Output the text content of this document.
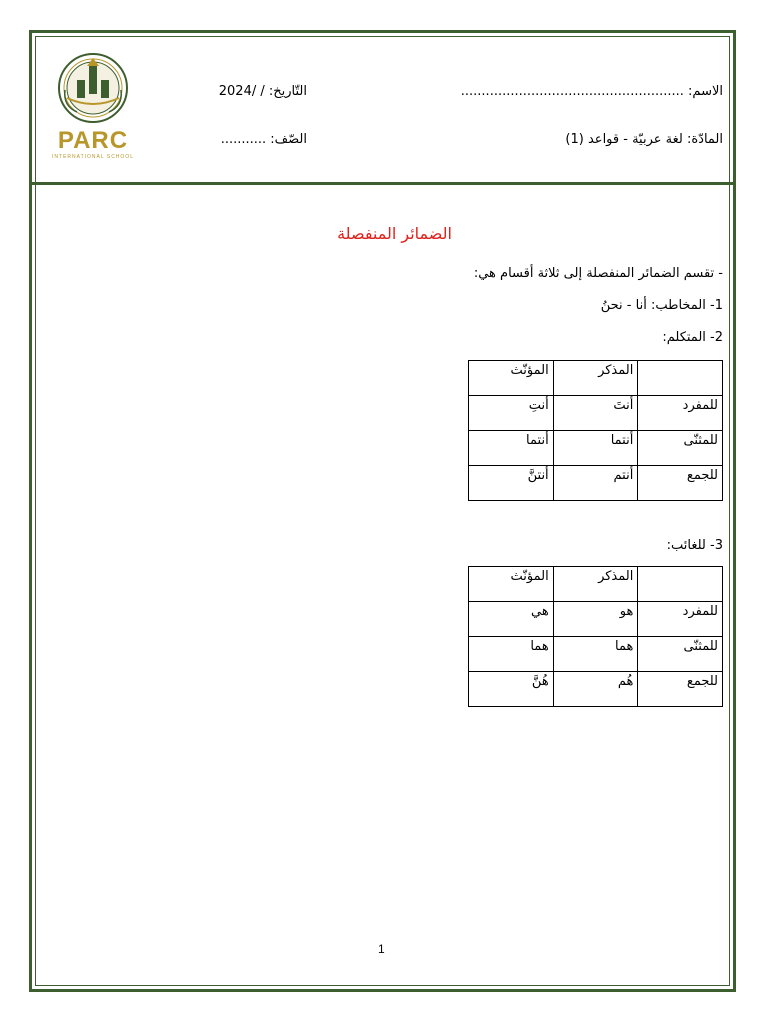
PARC
INTERNATIONAL SCHOOL
الاسم: ......................................................
التّاريخ: / /2024
المادّة: لغة عربيّة - قواعد (1)
الصّف: ...........
الضمائر المنفصلة
- تقسم الضمائر المنفصلة إلى ثلاثة أقسام هي:
1- المخاطب: أنا - نحنُ
2- المتكلم:
	المذكر	المؤنّث
للمفرد	أنتَ	أنتِ
للمثنّى	أنتما	أنتما
للجمع	أنتم	أنتنَّ
3- للغائب:
	المذكر	المؤنّث
للمفرد	هو	هي
للمثنّى	هما	هما
للجمع	هُم	هُنَّ
1
